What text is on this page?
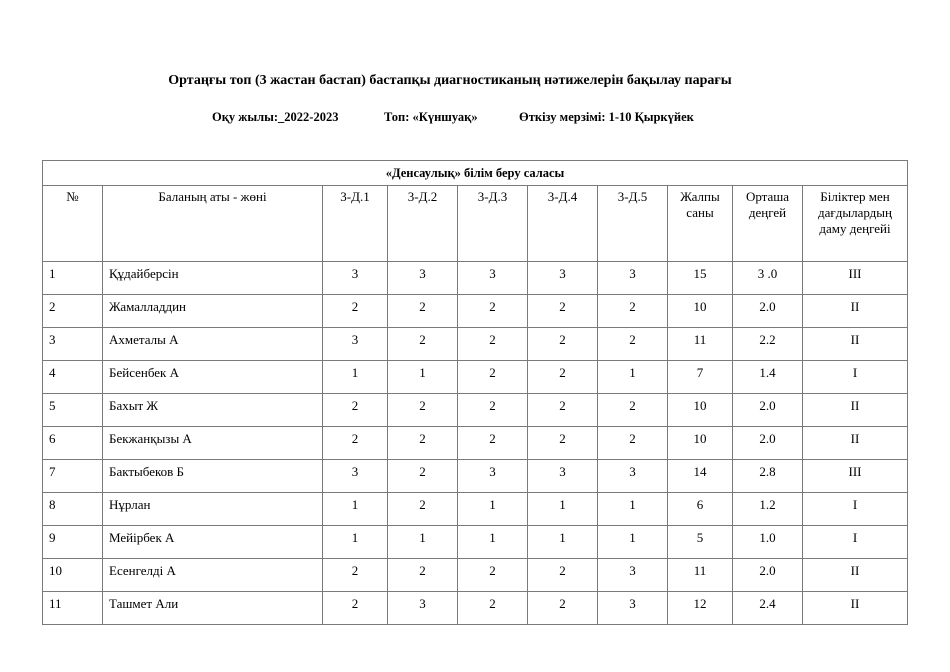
Ортаңғы топ (3 жастан бастап) бастапқы диагностиканың нәтижелерін бақылау парағы
Оқу жылы:_2022-2023	Топ: «Күншуақ»	Өткізу мерзімі: 1-10 Қыркүйек
«Денсаулық» білім беру саласы									
№	Баланың аты - жөні	3-Д.1	3-Д.2	3-Д.3	3-Д.4	3-Д.5	Жалпы саны	Орташа деңгей	Біліктер мен дағдылардың даму деңгейі
1	Құдайберсін	3	3	3	3	3	15	3 .0	III
2	Жамалладдин	2	2	2	2	2	10	2.0	II
3	Ахметалы А	3	2	2	2	2	11	2.2	II
4	Бейсенбек А	1	1	2	2	1	7	1.4	I
5	Бахыт Ж	2	2	2	2	2	10	2.0	II
6	Бекжанқызы А	2	2	2	2	2	10	2.0	II
7	Бактыбеков Б	3	2	3	3	3	14	2.8	III
8	Нұрлан	1	2	1	1	1	6	1.2	I
9	Мейірбек А	1	1	1	1	1	5	1.0	I
10	Есенгелді А	2	2	2	2	3	11	2.0	II
11	Ташмет Али	2	3	2	2	3	12	2.4	II
